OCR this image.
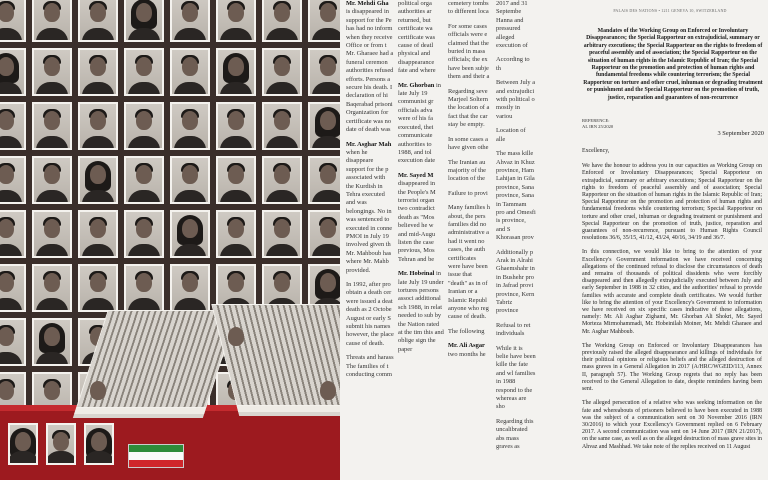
Mr. Mehdi Gha is disappeared in support for the Pe has had no inform when they receive Office or from t Mr. Gharaee had a funeral ceremon authorities refused efforts. Persons a secure his death. I declaration of hi Baqerabad prisoni Organization for certificate was no date of death was

Mr. Asghar Mah when he disappeare support for the p associated with the Kurdish in Tehra executed and was belongings. No in was sentenced to executed in conne PMOI in July 19 involved given th Mr. Mahboub has where Mr. Mahb provided.

In 1992, after pro obtain a death cer were issued a deat death as 2 Octobe August or early S submit his names however, the place cause of death.

Threats and harass The families of t conducting comm

political orga authorities ar returned, but certificate wa certificate was cause of deatl physical and disappearance fate and where

Mr. Ghorban in late July 19 communist gr officials adva were of his fa executed, thei communicate authorities to 1988, and tol execution date

Mr. Sayed M disappeared in the People's M terrorist organ two contradict death as "Mos believed he w and mid-Augu listen the case previous, Mos Tehran and be

Mr. Hobeinal in late July 19 under tortures persons associ additional sch 1988, in relat needed to sub by the Nation rated at the tim this and oblige sign the paper

cemetery tombs to different loca

For some cases officials were e claimed that the buried in mass officials; the ex have been subje them and their a

Regarding seve Marjeel Soltern the location of a fact that the car stay be empty.

In some cases a have given othe

The Iranian au majority of the location of the

Failure to provi

Many families h about, the pers families did no administrative a had it went no cases, the auth certificates were have been issue that "death" as in of Iranian or a Islamic Republ anyone who reg cause of death.

The following

Mr. Ali Asgar two months he

2017 and 31 Septembe Hanna and pressured alleged execution of

According to th

Between July a and extrajudici with political o mostly in variou

Location of alle

The mass kille Ahvaz in Khuz province, Ham Lahijan in Gila province, Sana province, Sana in Tammam pro and Omesfi is province, and S Khorasan prov

Additionally p Arak in Alrahi Ghaemshahr in in Bushehr pro in Jafrad provi province, Kern Tabriz province

Refusal to ret individuals

While it is belie have been kille the fate and wl families in 1988 respond to the whereas are sho

Regarding this uncalibrated abs mass graves as

PALAIS DES NATIONS • 1211 GENEVA 10, SWITZERLAND
Mandates of the Working Group on Enforced or Involuntary Disappearances; the Special Rapporteur on extrajudicial, summary or arbitrary executions; the Special Rapporteur on the rights to freedom of peaceful assembly and of association; the Special Rapporteur on the situation of human rights in the Islamic Republic of Iran; the Special Rapporteur on the promotion and protection of human rights and fundamental freedoms while countering terrorism; the Special Rapporteur on torture and other cruel, inhuman or degrading treatment or punishment and the Special Rapporteur on the promotion of truth, justice, reparation and guarantees of non-recurrence
REFERENCE:
AL IRN 25/2020
3 September 2020

Excellency,

We have the honour to address you in our capacities as Working Group on Enforced or Involuntary Disappearances; Special Rapporteur on extrajudicial, summary or arbitrary executions; Special Rapporteur on the rights to freedom of peaceful assembly and of association; Special Rapporteur on the situation of human rights in the Islamic Republic of Iran; Special Rapporteur on the promotion and protection of human rights and fundamental freedoms while countering terrorism; Special Rapporteur on torture and other cruel, inhuman or degrading treatment or punishment and Special Rapporteur on the promotion of truth, justice, reparation and guarantees of non-recurrence, pursuant to Human Rights Council resolutions 36/6, 35/15, 41/12, 43/24, 40/16, 34/19 and 36/7.

In this connection, we would like to bring to the attention of your Excellency's Government information we have received concerning allegations of the continued refusal to disclose the circumstances of death and remains of thousands of political dissidents who were forcibly disappeared and then allegedly extrajudicially executed between July and early September in 1988 in 32 cities, and the authorities' refusal to provide families with accurate and complete death certificates. We would further like to bring the attention of your Excellency's Government to information we have received on six specific cases indicative of these allegations, namely: Mr. Ali Asghar Zighami, Mr. Ghorban Ali Shokri, Mr. Sayed Morteza Mirmohammadi, Mr. Hobeinilah Moiner, Mr. Mehdi Gharaee and Mr. Asghar Mahboub.

The Working Group on Enforced or Involuntary Disappearances has previously raised the alleged disappearance and killings of individuals for their political opinions or religious beliefs and the alleged destruction of mass graves in a General Allegation in 2017 (A/HRC/WGEID/113, Annex II, paragraph 57). The Working Group regrets that no reply has been received to the General Allegation to date, despite reminders having been sent.

The alleged persecution of a relative who was seeking information on the fate and whereabouts of prisoners believed to have been executed in 1988 was the subject of a communication sent on 30 November 2016 (IRN 30/2016) to which your Excellency's Government replied on 6 February 2017. A second communication was sent on 14 June 2017 (IRN 21/2017), on the same case, as well as on the alleged destruction of mass grave sites in Ahvaz and Mashhad. We take note of the replies received on 11 August
